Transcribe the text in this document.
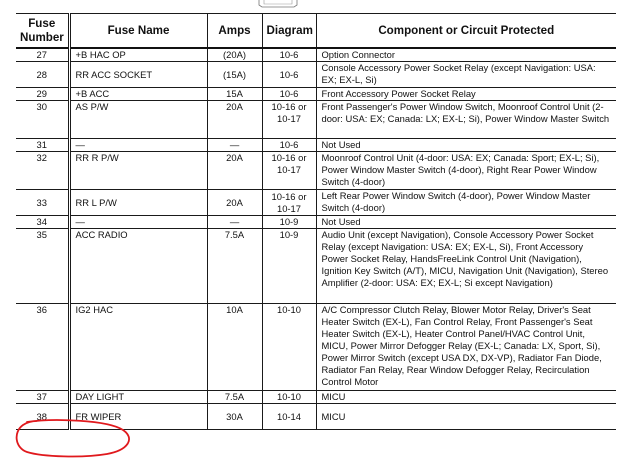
Fuse
Number	Fuse Name	Amps	Diagram	Component or Circuit Protected
27	+B HAC OP	(20A)	10-6	Option Connector
28	RR ACC SOCKET	(15A)	10-6	Console Accessory Power Socket Relay (except Navigation: USA: EX; EX-L, Si)
29	+B ACC	15A	10-6	Front Accessory Power Socket Relay
30	AS P/W	20A	10-16 or 10-17	Front Passenger's Power Window Switch, Moonroof Control Unit (2-door: USA: EX; Canada: LX; EX-L; Si), Power Window Master Switch
31	—	—	10-6	Not Used
32	RR R P/W	20A	10-16 or 10-17	Moonroof Control Unit (4-door: USA: EX; Canada: Sport; EX-L; Si), Power Window Master Switch (4-door), Right Rear Power Window Switch (4-door)
33	RR L P/W	20A	10-16 or 10-17	Left Rear Power Window Switch (4-door), Power Window Master Switch (4-door)
34	—	—	10-9	Not Used
35	ACC RADIO	7.5A	10-9	Audio Unit (except Navigation), Console Accessory Power Socket Relay (except Navigation: USA: EX; EX-L, Si), Front Accessory Power Socket Relay, HandsFreeLink Control Unit (Navigation), Ignition Key Switch (A/T), MICU, Navigation Unit (Navigation), Stereo Amplifier (2-door: USA: EX; EX-L; Si except Navigation)
36	IG2 HAC	10A	10-10	A/C Compressor Clutch Relay, Blower Motor Relay, Driver's Seat Heater Switch (EX-L), Fan Control Relay, Front Passenger's Seat Heater Switch (EX-L), Heater Control Panel/HVAC Control Unit, MICU, Power Mirror Defogger Relay (EX-L; Canada: LX, Sport, Si), Power Mirror Switch (except USA DX, DX-VP), Radiator Fan Diode, Radiator Fan Relay, Rear Window Defogger Relay, Recirculation Control Motor
37	DAY LIGHT	7.5A	10-10	MICU
38	FR WIPER	30A	10-14	MICU
